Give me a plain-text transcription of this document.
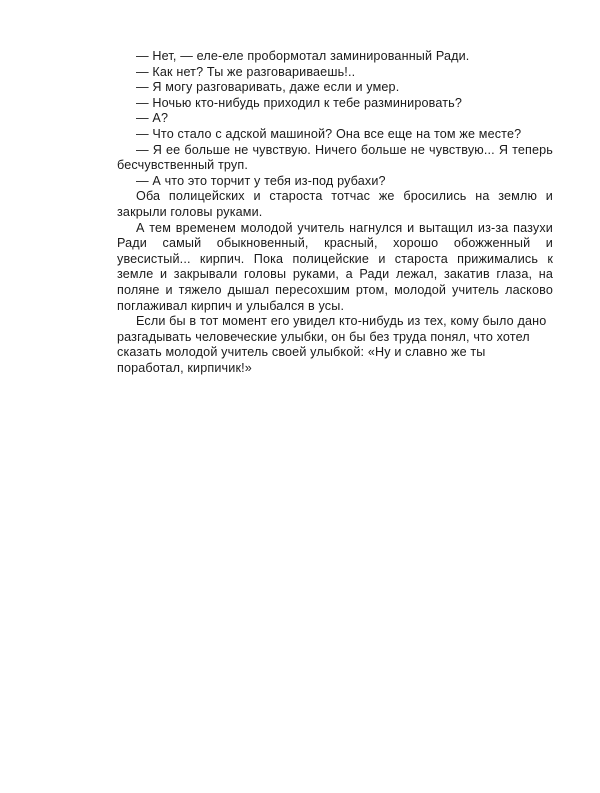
— Нет, — еле-еле пробормотал заминированный Ради.

— Как нет? Ты же разговариваешь!..

— Я могу разговаривать, даже если и умер.

— Ночью кто-нибудь приходил к тебе разминировать?

— А?

— Что стало с адской машиной? Она все еще на том же месте?

— Я ее больше не чувствую. Ничего больше не чувствую... Я теперь бесчувственный труп.

— А что это торчит у тебя из-под рубахи?

Оба полицейских и староста тотчас же бросились на землю и закрыли головы руками.

А тем временем молодой учитель нагнулся и вытащил из-за пазухи Ради самый обыкновенный, красный, хорошо обожженный и увесистый... кирпич. Пока полицейские и староста прижимались к земле и закрывали головы руками, а Ради лежал, закатив глаза, на поляне и тяжело дышал пересохшим ртом, молодой учитель ласково поглаживал кирпич и улыбался в усы.

Если бы в тот момент его увидел кто-нибудь из тех, кому было дано разгадывать человеческие улыбки, он бы без труда понял, что хотел сказать молодой учитель своей улыбкой: «Ну и славно же ты поработал, кирпичик!»
